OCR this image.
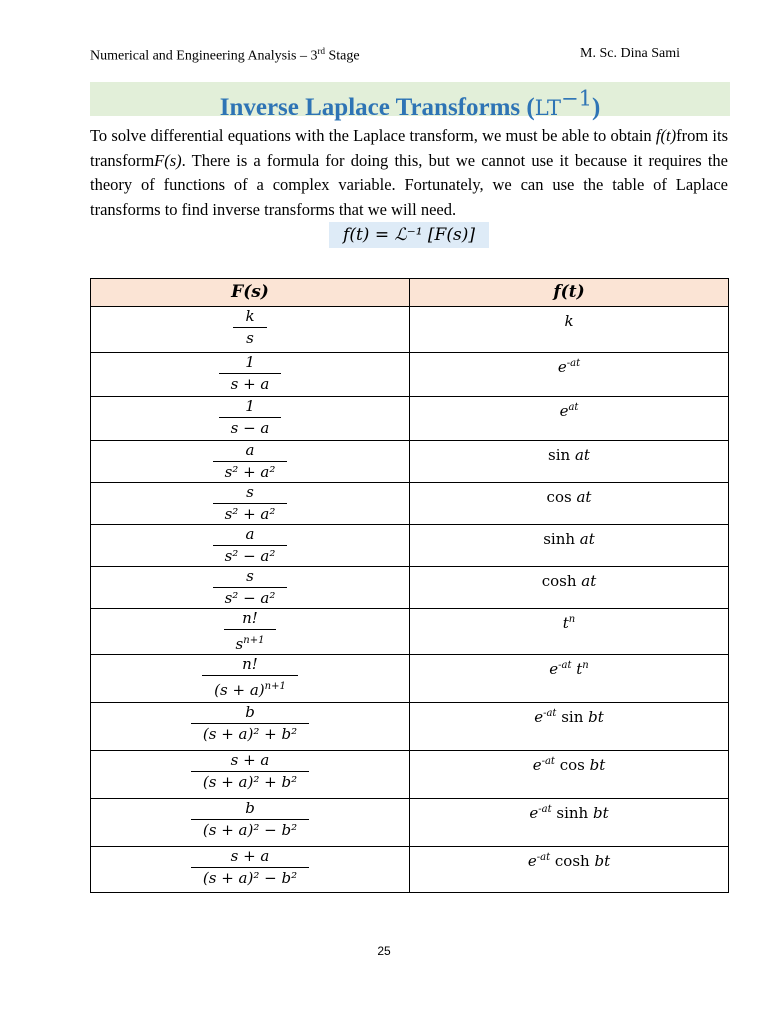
Numerical and Engineering Analysis – 3rd Stage	M. Sc. Dina Sami
Inverse Laplace Transforms $(LT^{-1})$
To solve differential equations with the Laplace transform, we must be able to obtain f(t)from its transformF(s). There is a formula for doing this, but we cannot use it because it requires the theory of functions of a complex variable. Fortunately, we can use the table of Laplace transforms to find inverse transforms that we will need.
f(t) = ℒ⁻¹ [F(s)]
F(s)	f(t)

$\frac{k}{s}$	k

$\frac{1}{s + a}$	$e^{-at}$

$\frac{1}{s - a}$	$e^{at}$

$\frac{a}{\text{s² + a²}}$	sin at

$\frac{s}{\text{s² + a²}}$	cos at

$\frac{a}{\text{s² − a²}}$	sinh at

$\frac{s}{\text{s² − a²}}$	cosh at

$\frac{n!}{s^{n+1}}$	$t^n$

$\frac{n!}{(s + a)^{n+1}}$	$e^{-at}$ $t^n$

$\frac{b}{\text{(s + a)² + b²}}$	$e^{-at}$ sin bt

$\frac{s + a}{\text{(s + a)² + b²}}$	$e^{-at}$ cos bt

$\frac{b}{\text{(s + a)² − b²}}$	$e^{-at}$ sinh bt

$\frac{s + a}{\text{(s + a)² − b²}}$	$e^{-at}$ cosh bt
25
